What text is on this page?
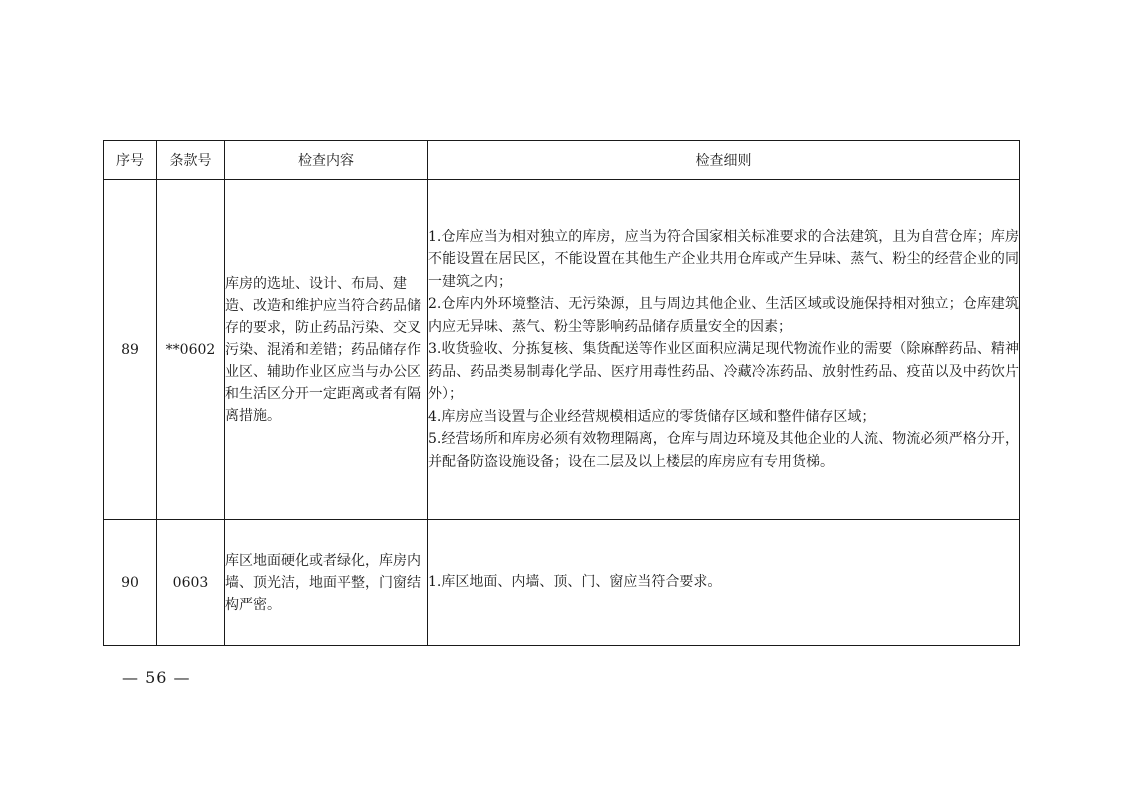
序号	条款号	检查内容	检查细则
89	**0602	库房的选址、设计、布局、建造、改造和维护应当符合药品储存的要求，防止药品污染、交叉污染、混淆和差错；药品储存作业区、辅助作业区应当与办公区和生活区分开一定距离或者有隔离措施。	1.仓库应当为相对独立的库房，应当为符合国家相关标准要求的合法建筑，且为自营仓库；库房不能设置在居民区，不能设置在其他生产企业共用仓库或产生异味、蒸气、粉尘的经营企业的同一建筑之内；
2.仓库内外环境整洁、无污染源，且与周边其他企业、生活区域或设施保持相对独立；仓库建筑内应无异味、蒸气、粉尘等影响药品储存质量安全的因素；
3.收货验收、分拣复核、集货配送等作业区面积应满足现代物流作业的需要（除麻醉药品、精神药品、药品类易制毒化学品、医疗用毒性药品、冷藏冷冻药品、放射性药品、疫苗以及中药饮片外）；
4.库房应当设置与企业经营规模相适应的零货储存区域和整件储存区域；
5.经营场所和库房必须有效物理隔离，仓库与周边环境及其他企业的人流、物流必须严格分开，并配备防盗设施设备；设在二层及以上楼层的库房应有专用货梯。

90	0603	库区地面硬化或者绿化，库房内墙、顶光洁，地面平整，门窗结构严密。	1.库区地面、内墙、顶、门、窗应当符合要求。
— 56 —
